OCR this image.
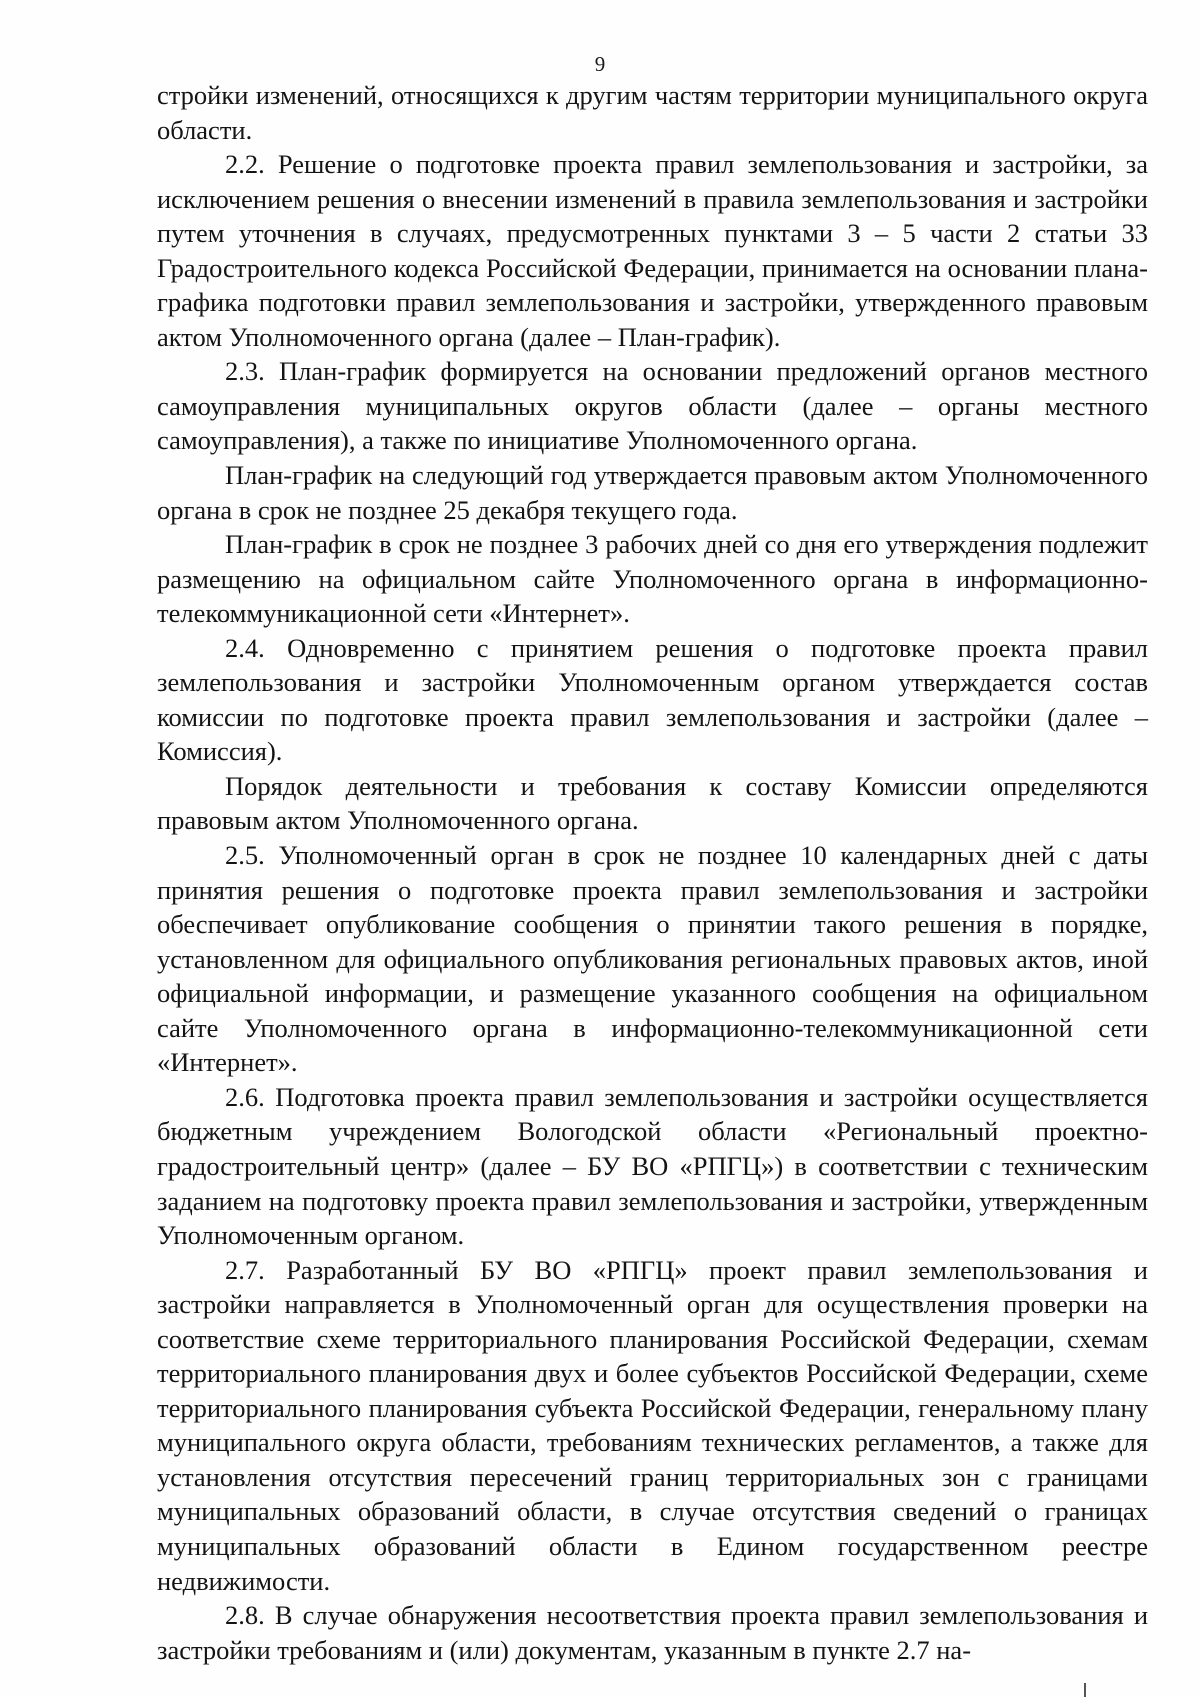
9

стройки изменений, относящихся к другим частям территории муниципального округа области.

2.2. Решение о подготовке проекта правил землепользования и застройки, за исключением решения о внесении изменений в правила землепользования и застройки путем уточнения в случаях, предусмотренных пунктами 3 – 5 части 2 статьи 33 Градостроительного кодекса Российской Федерации, принимается на основании плана-графика подготовки правил землепользования и застройки, утвержденного правовым актом Уполномоченного органа (далее – План-график).

2.3. План-график формируется на основании предложений органов местного самоуправления муниципальных округов области (далее – органы местного самоуправления), а также по инициативе Уполномоченного органа.

План-график на следующий год утверждается правовым актом Уполномоченного органа в срок не позднее 25 декабря текущего года.

План-график в срок не позднее 3 рабочих дней со дня его утверждения подлежит размещению на официальном сайте Уполномоченного органа в информационно-телекоммуникационной сети «Интернет».

2.4. Одновременно с принятием решения о подготовке проекта правил землепользования и застройки Уполномоченным органом утверждается состав комиссии по подготовке проекта правил землепользования и застройки (далее – Комиссия).

Порядок деятельности и требования к составу Комиссии определяются правовым актом Уполномоченного органа.

2.5. Уполномоченный орган в срок не позднее 10 календарных дней с даты принятия решения о подготовке проекта правил землепользования и застройки обеспечивает опубликование сообщения о принятии такого решения в порядке, установленном для официального опубликования региональных правовых актов, иной официальной информации, и размещение указанного сообщения на официальном сайте Уполномоченного органа в информационно-телекоммуникационной сети «Интернет».

2.6. Подготовка проекта правил землепользования и застройки осуществляется бюджетным учреждением Вологодской области «Региональный проектно-градостроительный центр» (далее – БУ ВО «РПГЦ») в соответствии с техническим заданием на подготовку проекта правил землепользования и застройки, утвержденным Уполномоченным органом.

2.7. Разработанный БУ ВО «РПГЦ» проект правил землепользования и застройки направляется в Уполномоченный орган для осуществления проверки на соответствие схеме территориального планирования Российской Федерации, схемам территориального планирования двух и более субъектов Российской Федерации, схеме территориального планирования субъекта Российской Федерации, генеральному плану муниципального округа области, требованиям технических регламентов, а также для установления отсутствия пересечений границ территориальных зон с границами муниципальных образований области, в случае отсутствия сведений о границах муниципальных образований области в Едином государственном реестре недвижимости.

2.8. В случае обнаружения несоответствия проекта правил землепользования и застройки требованиям и (или) документам, указанным в пункте 2.7 на-
